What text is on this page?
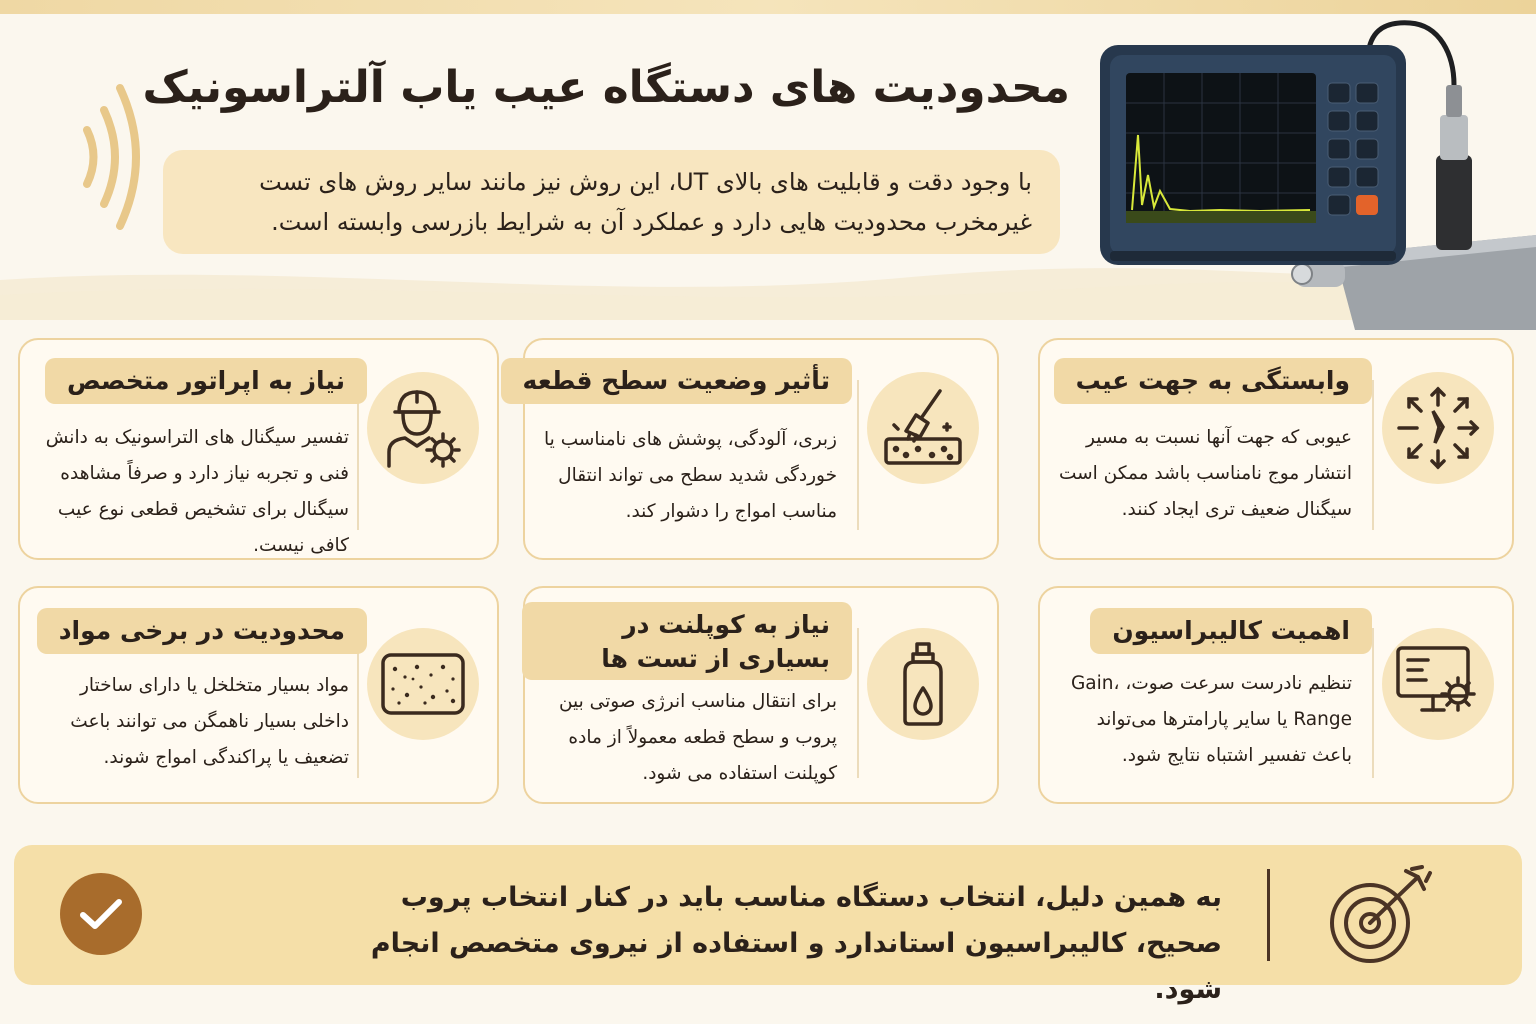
محدودیت های دستگاه عیب یاب آلتراسونیک
با وجود دقت و قابلیت های بالای UT، این روش نیز مانند سایر روش های تست غیرمخرب محدودیت هایی دارد و عملکرد آن به شرایط بازرسی وابسته است.
وابستگی به جهت عیب
عیوبی که جهت آنها نسبت به مسیر انتشار موج نامناسب باشد ممکن است سیگنال ضعیف تری ایجاد کنند.
تأثیر وضعیت سطح قطعه
زبری، آلودگی، پوشش های نامناسب یا خوردگی شدید سطح می تواند انتقال مناسب امواج را دشوار کند.
نیاز به اپراتور متخصص
تفسیر سیگنال های التراسونیک به دانش فنی و تجربه نیاز دارد و صرفاً مشاهده سیگنال برای تشخیص قطعی نوع عیب کافی نیست.
اهمیت کالیبراسیون
تنظیم نادرست سرعت صوت، Gain، Range یا سایر پارامترها می‌تواند باعث تفسیر اشتباه نتایج شود.
نیاز به کوپلنت در بسیاری از تست ها
برای انتقال مناسب انرژی صوتی بین پروب و سطح قطعه معمولاً از ماده کوپلنت استفاده می شود.
محدودیت در برخی مواد
مواد بسیار متخلخل یا دارای ساختار داخلی بسیار ناهمگن می توانند باعث تضعیف یا پراکندگی امواج شوند.
به همین دلیل، انتخاب دستگاه مناسب باید در کنار انتخاب پروب صحیح، کالیبراسیون استاندارد و استفاده از نیروی متخصص انجام شود.
